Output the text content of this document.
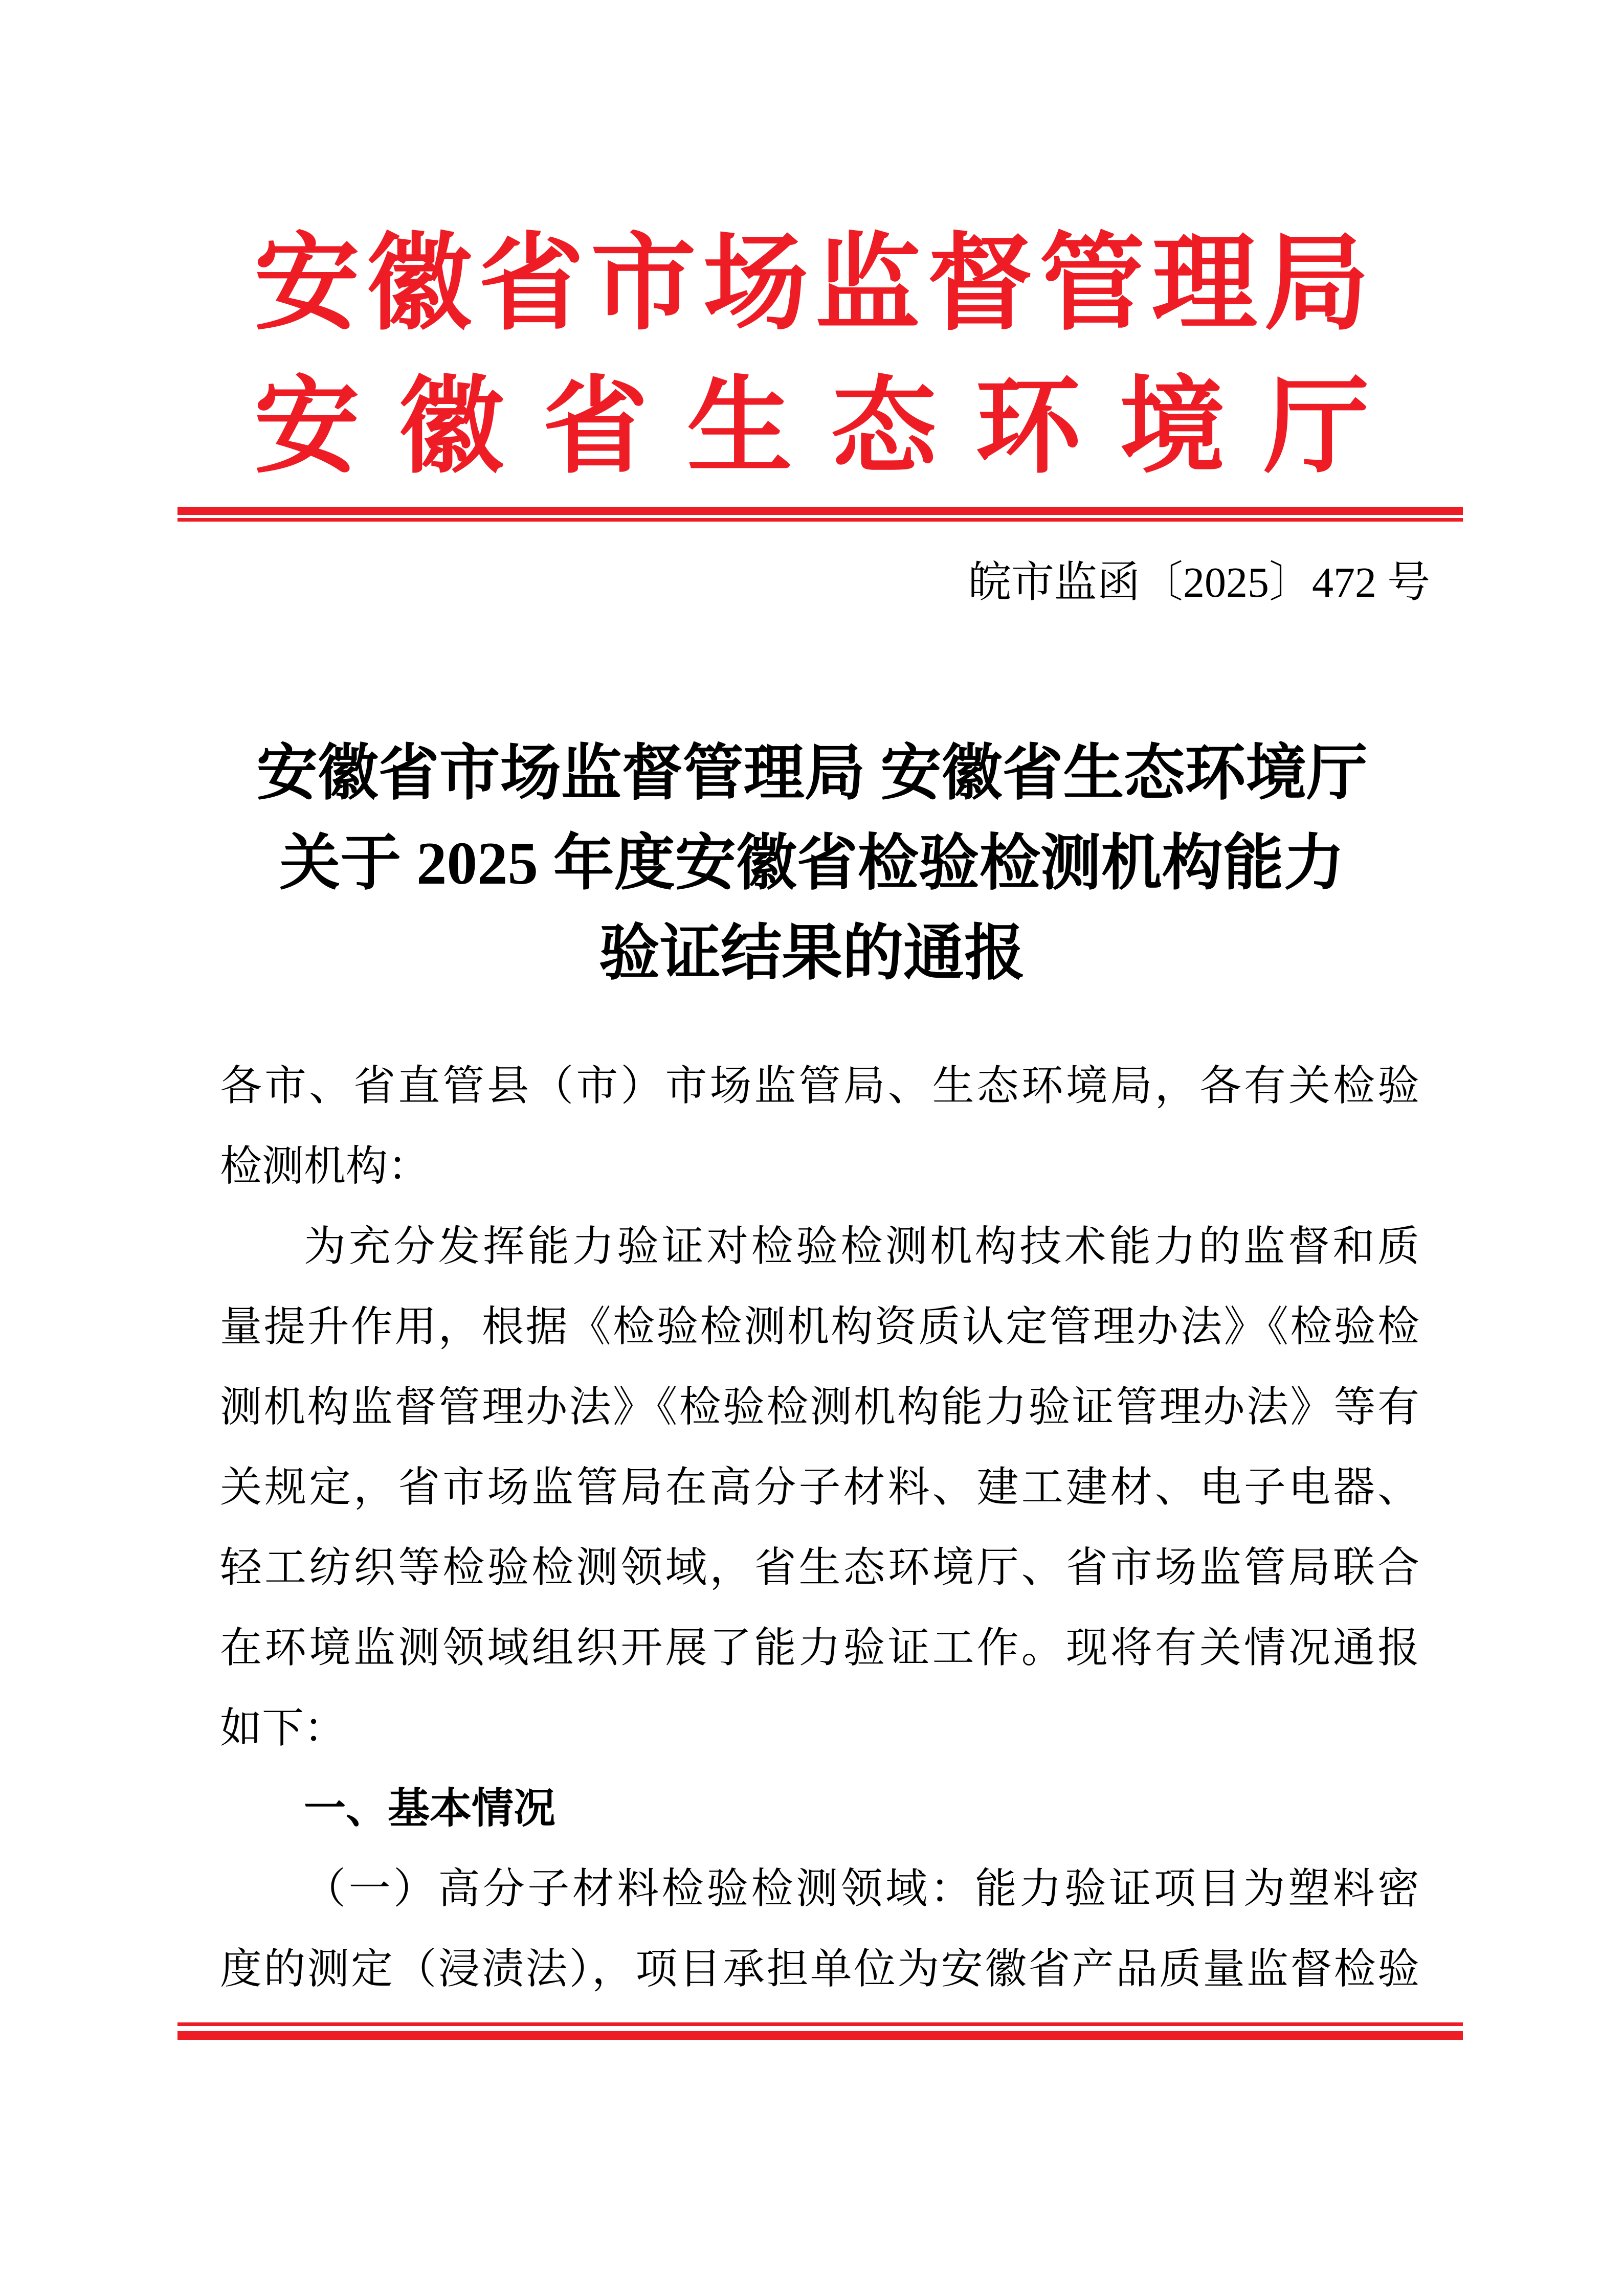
安 徽 省 市 场 监 督 管 理 局
安 徽 省 生 态 环 境 厅
皖市监函〔2025〕472 号
安徽省市场监督管理局 安徽省生态环境厅
关于 2025 年度安徽省检验检测机构能力
验证结果的通报
各市、省直管县（市）市场监管局、生态环境局，各有关检验
检测机构：
为充分发挥能力验证对检验检测机构技术能力的监督和质
量提升作用，根据《检验检测机构资质认定管理办法》《检验检
测机构监督管理办法》《检验检测机构能力验证管理办法》等有
关规定，省市场监管局在高分子材料、建工建材、电子电器、
轻工纺织等检验检测领域，省生态环境厅、省市场监管局联合
在环境监测领域组织开展了能力验证工作。现将有关情况通报
如下：
一、基本情况
（一）高分子材料检验检测领域：能力验证项目为塑料密
度的测定（浸渍法），项目承担单位为安徽省产品质量监督检验
